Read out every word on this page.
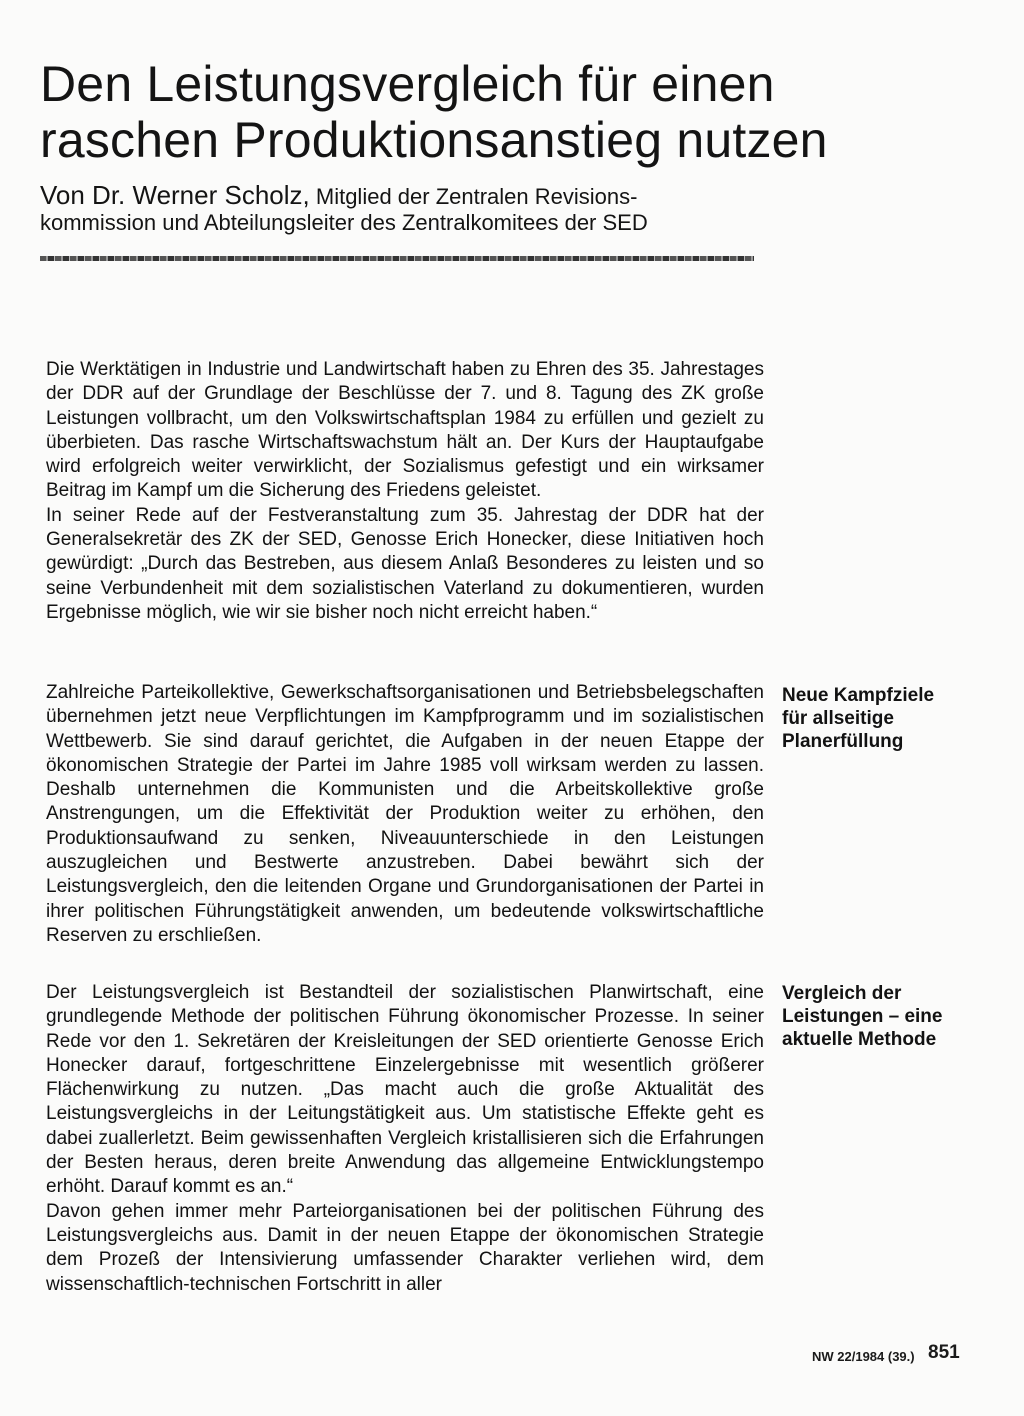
Den Leistungsvergleich für einen
raschen Produktionsanstieg nutzen
Von Dr. Werner Scholz, Mitglied der Zentralen Revisions-
kommission und Abteilungsleiter des Zentralkomitees der SED

Die Werktätigen in Industrie und Landwirtschaft haben zu Ehren des 35. Jahrestages der DDR auf der Grundlage der Beschlüsse der 7. und 8. Tagung des ZK große Leistungen vollbracht, um den Volkswirtschaftsplan 1984 zu erfüllen und gezielt zu überbieten. Das rasche Wirtschaftswachstum hält an. Der Kurs der Hauptaufgabe wird erfolgreich weiter verwirklicht, der Sozialismus gefestigt und ein wirksamer Beitrag im Kampf um die Sicherung des Friedens geleistet.

In seiner Rede auf der Festveranstaltung zum 35. Jahrestag der DDR hat der Generalsekretär des ZK der SED, Genosse Erich Honecker, diese Initiativen hoch gewürdigt: „Durch das Bestreben, aus diesem Anlaß Besonderes zu leisten und so seine Verbundenheit mit dem sozialistischen Vaterland zu dokumentieren, wurden Ergebnisse möglich, wie wir sie bisher noch nicht erreicht haben.“

Zahlreiche Parteikollektive, Gewerkschaftsorganisationen und Betriebsbelegschaften übernehmen jetzt neue Verpflichtungen im Kampfprogramm und im sozialistischen Wettbewerb. Sie sind darauf gerichtet, die Aufgaben in der neuen Etappe der ökonomischen Strategie der Partei im Jahre 1985 voll wirksam werden zu lassen. Deshalb unternehmen die Kommunisten und die Arbeitskollektive große Anstrengungen, um die Effektivität der Produktion weiter zu erhöhen, den Produktionsaufwand zu senken, Niveauunterschiede in den Leistungen auszugleichen und Bestwerte anzustreben. Dabei bewährt sich der Leistungsvergleich, den die leitenden Organe und Grundorganisationen der Partei in ihrer politischen Führungstätigkeit anwenden, um bedeutende volkswirtschaftliche Reserven zu erschließen.

Neue Kampfziele
für allseitige
Planerfüllung

Der Leistungsvergleich ist Bestandteil der sozialistischen Planwirtschaft, eine grundlegende Methode der politischen Führung ökonomischer Prozesse. In seiner Rede vor den 1. Sekretären der Kreisleitungen der SED orientierte Genosse Erich Honecker darauf, fortgeschrittene Einzelergebnisse mit wesentlich größerer Flächenwirkung zu nutzen. „Das macht auch die große Aktualität des Leistungsvergleichs in der Leitungstätigkeit aus. Um statistische Effekte geht es dabei zuallerletzt. Beim gewissenhaften Vergleich kristallisieren sich die Erfahrungen der Besten heraus, deren breite Anwendung das allgemeine Entwicklungstempo erhöht. Darauf kommt es an.“

Davon gehen immer mehr Parteiorganisationen bei der politischen Führung des Leistungsvergleichs aus. Damit in der neuen Etappe der ökonomischen Strategie dem Prozeß der Intensivierung umfassender Charakter verliehen wird, dem wissenschaftlich-technischen Fortschritt in aller

Vergleich der
Leistungen – eine
aktuelle Methode
NW 22/1984 (39.) 851
